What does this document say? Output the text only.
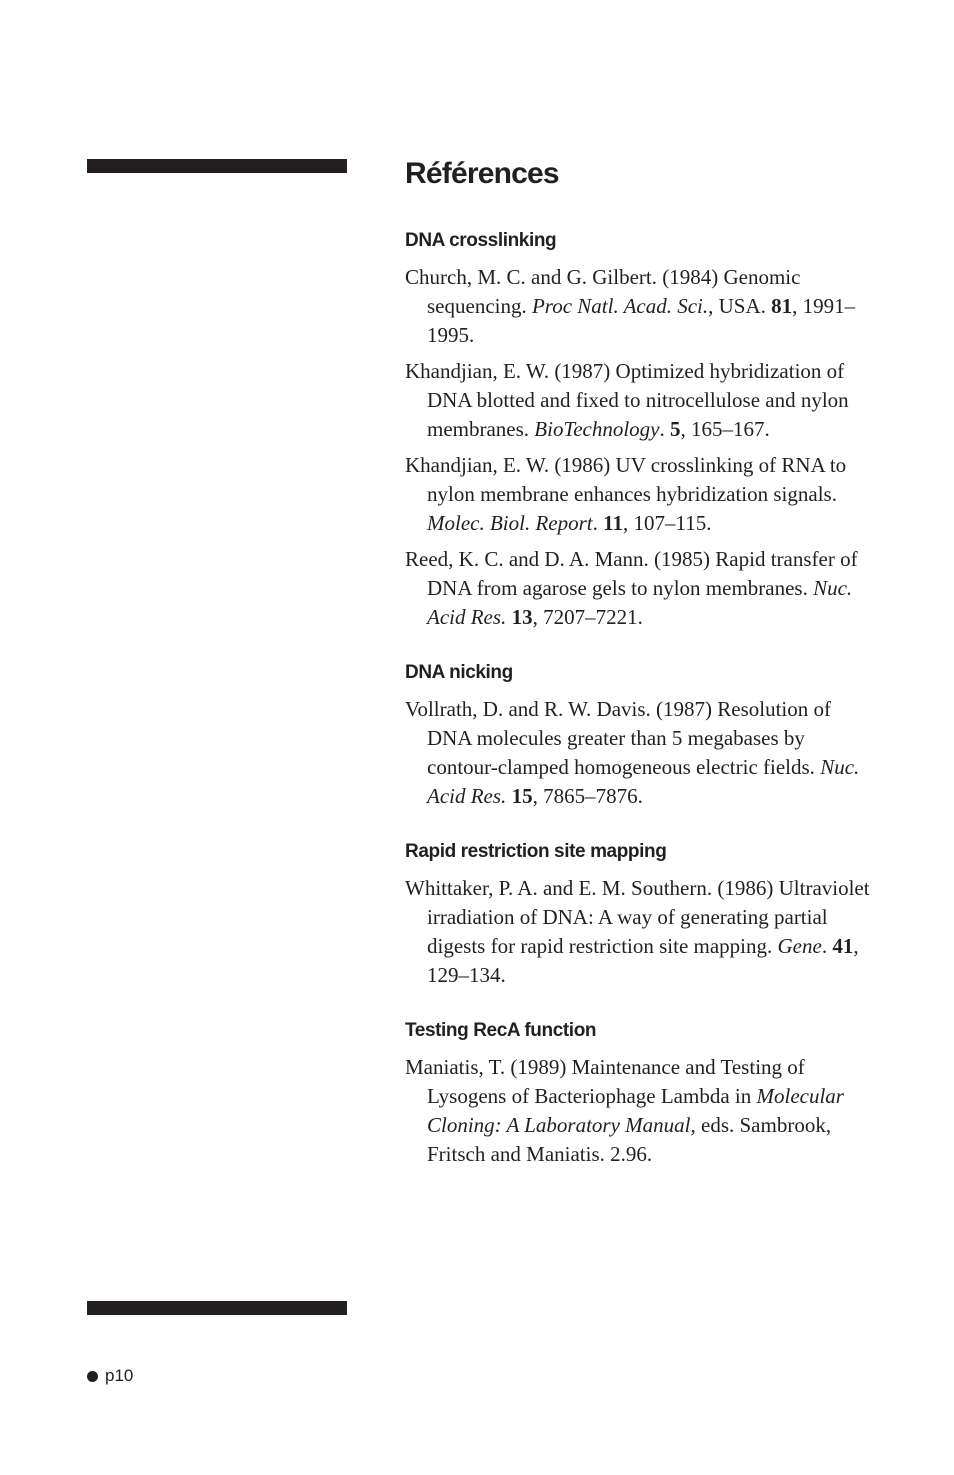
Références
DNA crosslinking

Church, M. C. and G. Gilbert. (1984) Genomic sequencing. Proc Natl. Acad. Sci., USA. 81, 1991–1995.

Khandjian, E. W. (1987) Optimized hybridization of DNA blotted and fixed to nitrocellulose and nylon membranes. BioTechnology. 5, 165–167.

Khandjian, E. W. (1986) UV crosslinking of RNA to nylon membrane enhances hybridization signals. Molec. Biol. Report. 11, 107–115.

Reed, K. C. and D. A. Mann. (1985) Rapid transfer of DNA from agarose gels to nylon membranes. Nuc. Acid Res. 13, 7207–7221.

DNA nicking

Vollrath, D. and R. W. Davis. (1987) Resolution of DNA molecules greater than 5 megabases by contour-clamped homogeneous electric fields. Nuc. Acid Res. 15, 7865–7876.

Rapid restriction site mapping

Whittaker, P. A. and E. M. Southern. (1986) Ultraviolet irradiation of DNA: A way of generating partial digests for rapid restriction site mapping. Gene. 41, 129–134.

Testing RecA function

Maniatis, T. (1989) Maintenance and Testing of Lysogens of Bacteriophage Lambda in Molecular Cloning: A Laboratory Manual, eds. Sambrook, Fritsch and Maniatis. 2.96.

p10
